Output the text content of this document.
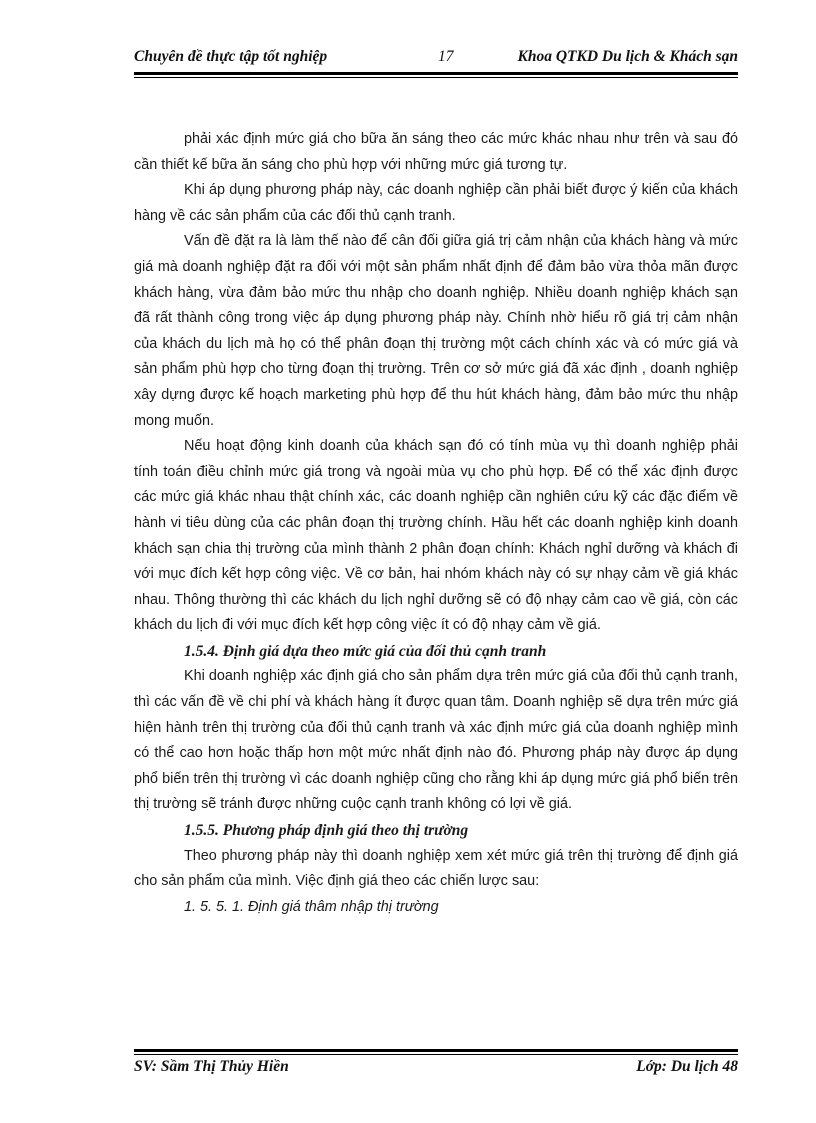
Chuyên đề thực tập tốt nghiệp	17	Khoa QTKD Du lịch & Khách sạn

phải xác định mức giá cho bữa ăn sáng theo các mức khác nhau như trên và sau đó cần thiết kế bữa ăn sáng cho phù hợp với những mức giá tương tự.

Khi áp dụng phương pháp này, các doanh nghiệp cần phải biết được ý kiến của khách hàng về các sản phẩm của các đối thủ cạnh tranh.

Vấn đề đặt ra là làm thế nào để cân đối giữa giá trị cảm nhận của khách hàng và mức giá mà doanh nghiệp đặt ra đối với một sản phẩm nhất định để đảm bảo vừa thỏa mãn được khách hàng, vừa đảm bảo mức thu nhập cho doanh nghiệp. Nhiều doanh nghiệp khách sạn đã rất thành công trong việc áp dụng phương pháp này. Chính nhờ hiểu rõ giá trị cảm nhận của khách du lịch mà họ có thể phân đoạn thị trường một cách chính xác và có mức giá và sản phẩm phù hợp cho từng đoạn thị trường. Trên cơ sở mức giá đã xác định , doanh nghiệp xây dựng được kế hoạch marketing phù hợp để thu hút khách hàng, đảm bảo mức thu nhập mong muốn.

Nếu hoạt động kinh doanh của khách sạn đó có tính mùa vụ thì doanh nghiệp phải tính toán điều chỉnh mức giá trong và ngoài mùa vụ cho phù hợp. Để có thể xác định được các mức giá khác nhau thật chính xác, các doanh nghiệp cần nghiên cứu kỹ các đặc điểm về hành vi tiêu dùng của các phân đoạn thị trường chính. Hầu hết các doanh nghiệp kinh doanh khách sạn chia thị trường của mình thành 2 phân đoạn chính: Khách nghỉ dưỡng và khách đi với mục đích kết hợp công việc. Về cơ bản, hai nhóm khách này có sự nhạy cảm về giá khác nhau. Thông thường thì các khách du lịch nghỉ dưỡng sẽ có độ nhạy cảm cao về giá, còn các khách du lịch đi với mục đích kết hợp công việc ít có độ nhạy cảm về giá.

1.5.4. Định giá dựa theo mức giá của đối thủ cạnh tranh

Khi doanh nghiệp xác định giá cho sản phẩm dựa trên mức giá của đối thủ cạnh tranh, thì các vấn đề về chi phí và khách hàng ít được quan tâm. Doanh nghiệp sẽ dựa trên mức giá hiện hành trên thị trường của đối thủ cạnh tranh và xác định mức giá của doanh nghiệp mình có thể cao hơn hoặc thấp hơn một mức nhất định nào đó. Phương pháp này được áp dụng phổ biến trên thị trường vì các doanh nghiệp cũng cho rằng khi áp dụng mức giá phổ biến trên thị trường sẽ tránh được những cuộc cạnh tranh không có lợi về giá.

1.5.5. Phương pháp định giá theo thị trường

Theo phương pháp này thì doanh nghiệp xem xét mức giá trên thị trường để định giá cho sản phẩm của mình. Việc định giá theo các chiến lược sau:

1. 5. 5. 1. Định giá thâm nhập thị trường
SV: Sầm Thị Thủy Hiền	Lớp: Du lịch 48
